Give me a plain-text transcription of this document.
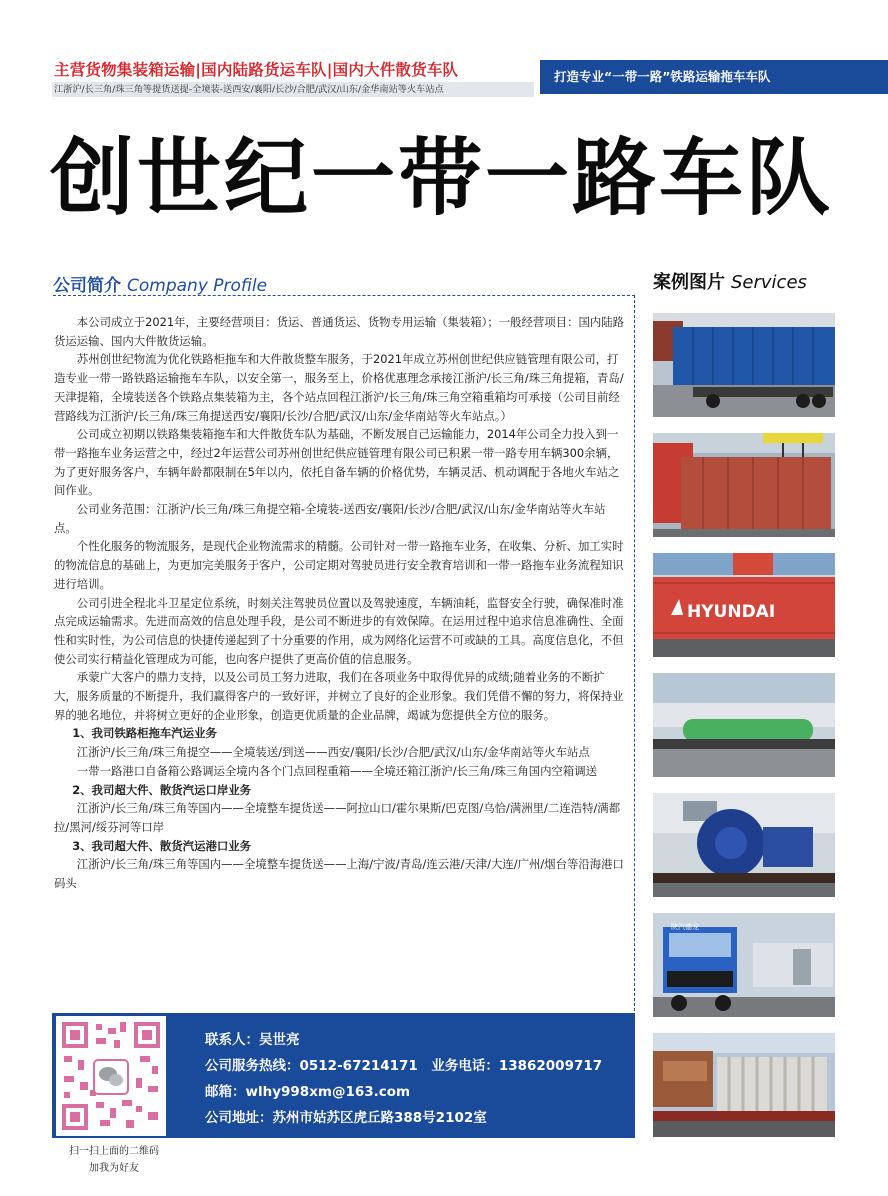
主营货物集装箱运输|国内陆路货运车队|国内大件散货车队
江浙沪/长三角/珠三角等提货送提-全境装-送西安/襄阳/长沙/合肥/武汉/山东/金华南站等火车站点
打造专业“一带一路”铁路运输拖车车队
创世纪一带一路车队
公司简介 Company Profile

本公司成立于2021年，主要经营项目：货运、普通货运、货物专用运输（集装箱）；一般经营项目：国内陆路货运运输、国内大件散货运输。

苏州创世纪物流为优化铁路柜拖车和大件散货整车服务，于2021年成立苏州创世纪供应链管理有限公司，打造专业一带一路铁路运输拖车车队，以安全第一，服务至上，价格优惠理念承接江浙沪/长三角/珠三角提箱，青岛/天津提箱，全境装送各个铁路点集装箱为主，各个站点回程江浙沪/长三角/珠三角空箱重箱均可承接（公司目前经营路线为江浙沪/长三角/珠三角提送西安/襄阳/长沙/合肥/武汉/山东/金华南站等火车站点。）

公司成立初期以铁路集装箱拖车和大件散货车队为基础，不断发展自己运输能力，2014年公司全力投入到一带一路拖车业务运营之中，经过2年运营公司苏州创世纪供应链管理有限公司已积累一带一路专用车辆300余辆，为了更好服务客户，车辆年龄都限制在5年以内，依托自备车辆的价格优势，车辆灵活、机动调配于各地火车站之间作业。

公司业务范围：江浙沪/长三角/珠三角提空箱-全境装-送西安/襄阳/长沙/合肥/武汉/山东/金华南站等火车站点。

个性化服务的物流服务，是现代企业物流需求的精髓。公司针对一带一路拖车业务，在收集、分析、加工实时的物流信息的基础上，为更加完美服务于客户，公司定期对驾驶员进行安全教育培训和一带一路拖车业务流程知识进行培训。

公司引进全程北斗卫星定位系统，时刻关注驾驶员位置以及驾驶速度，车辆油耗，监督安全行驶，确保准时准点完成运输需求。先进而高效的信息处理手段，是公司不断进步的有效保障。在运用过程中追求信息准确性、全面性和实时性，为公司信息的快捷传递起到了十分重要的作用，成为网络化运营不可或缺的工具。高度信息化，不但使公司实行精益化管理成为可能，也向客户提供了更高价值的信息服务。

承蒙广大客户的鼎力支持，以及公司员工努力进取，我们在各项业务中取得优异的成绩;随着业务的不断扩大，服务质量的不断提升，我们赢得客户的一致好评，并树立了良好的企业形象。我们凭借不懈的努力，将保持业界的驰名地位，并将树立更好的企业形象，创造更优质量的企业品牌，竭诚为您提供全方位的服务。

1、我司铁路柜拖车汽运业务

江浙沪/长三角/珠三角提空——全境装送/到送——西安/襄阳/长沙/合肥/武汉/山东/金华南站等火车站点

一带一路港口自备箱公路调运全境内各个门点回程重箱——全境还箱江浙沪/长三角/珠三角国内空箱调送

2、我司超大件、散货汽运口岸业务

江浙沪/长三角/珠三角等国内——全境整车提货送——阿拉山口/霍尔果斯/巴克图/乌恰/满洲里/二连浩特/满都拉/黑河/绥芬河等口岸

3、我司超大件、散货汽运港口业务

江浙沪/长三角/珠三角等国内——全境整车提货送——上海/宁波/青岛/连云港/天津/大连/广州/烟台等沿海港口码头

案例图片 Services
HYUNDAI
陕汽德龙
扫一扫上面的二维码
加我为好友
联系人：吴世亮
公司服务热线：0512-67214171　业务电话：13862009717
邮箱：wlhy998xm@163.com
公司地址：苏州市姑苏区虎丘路388号2102室
